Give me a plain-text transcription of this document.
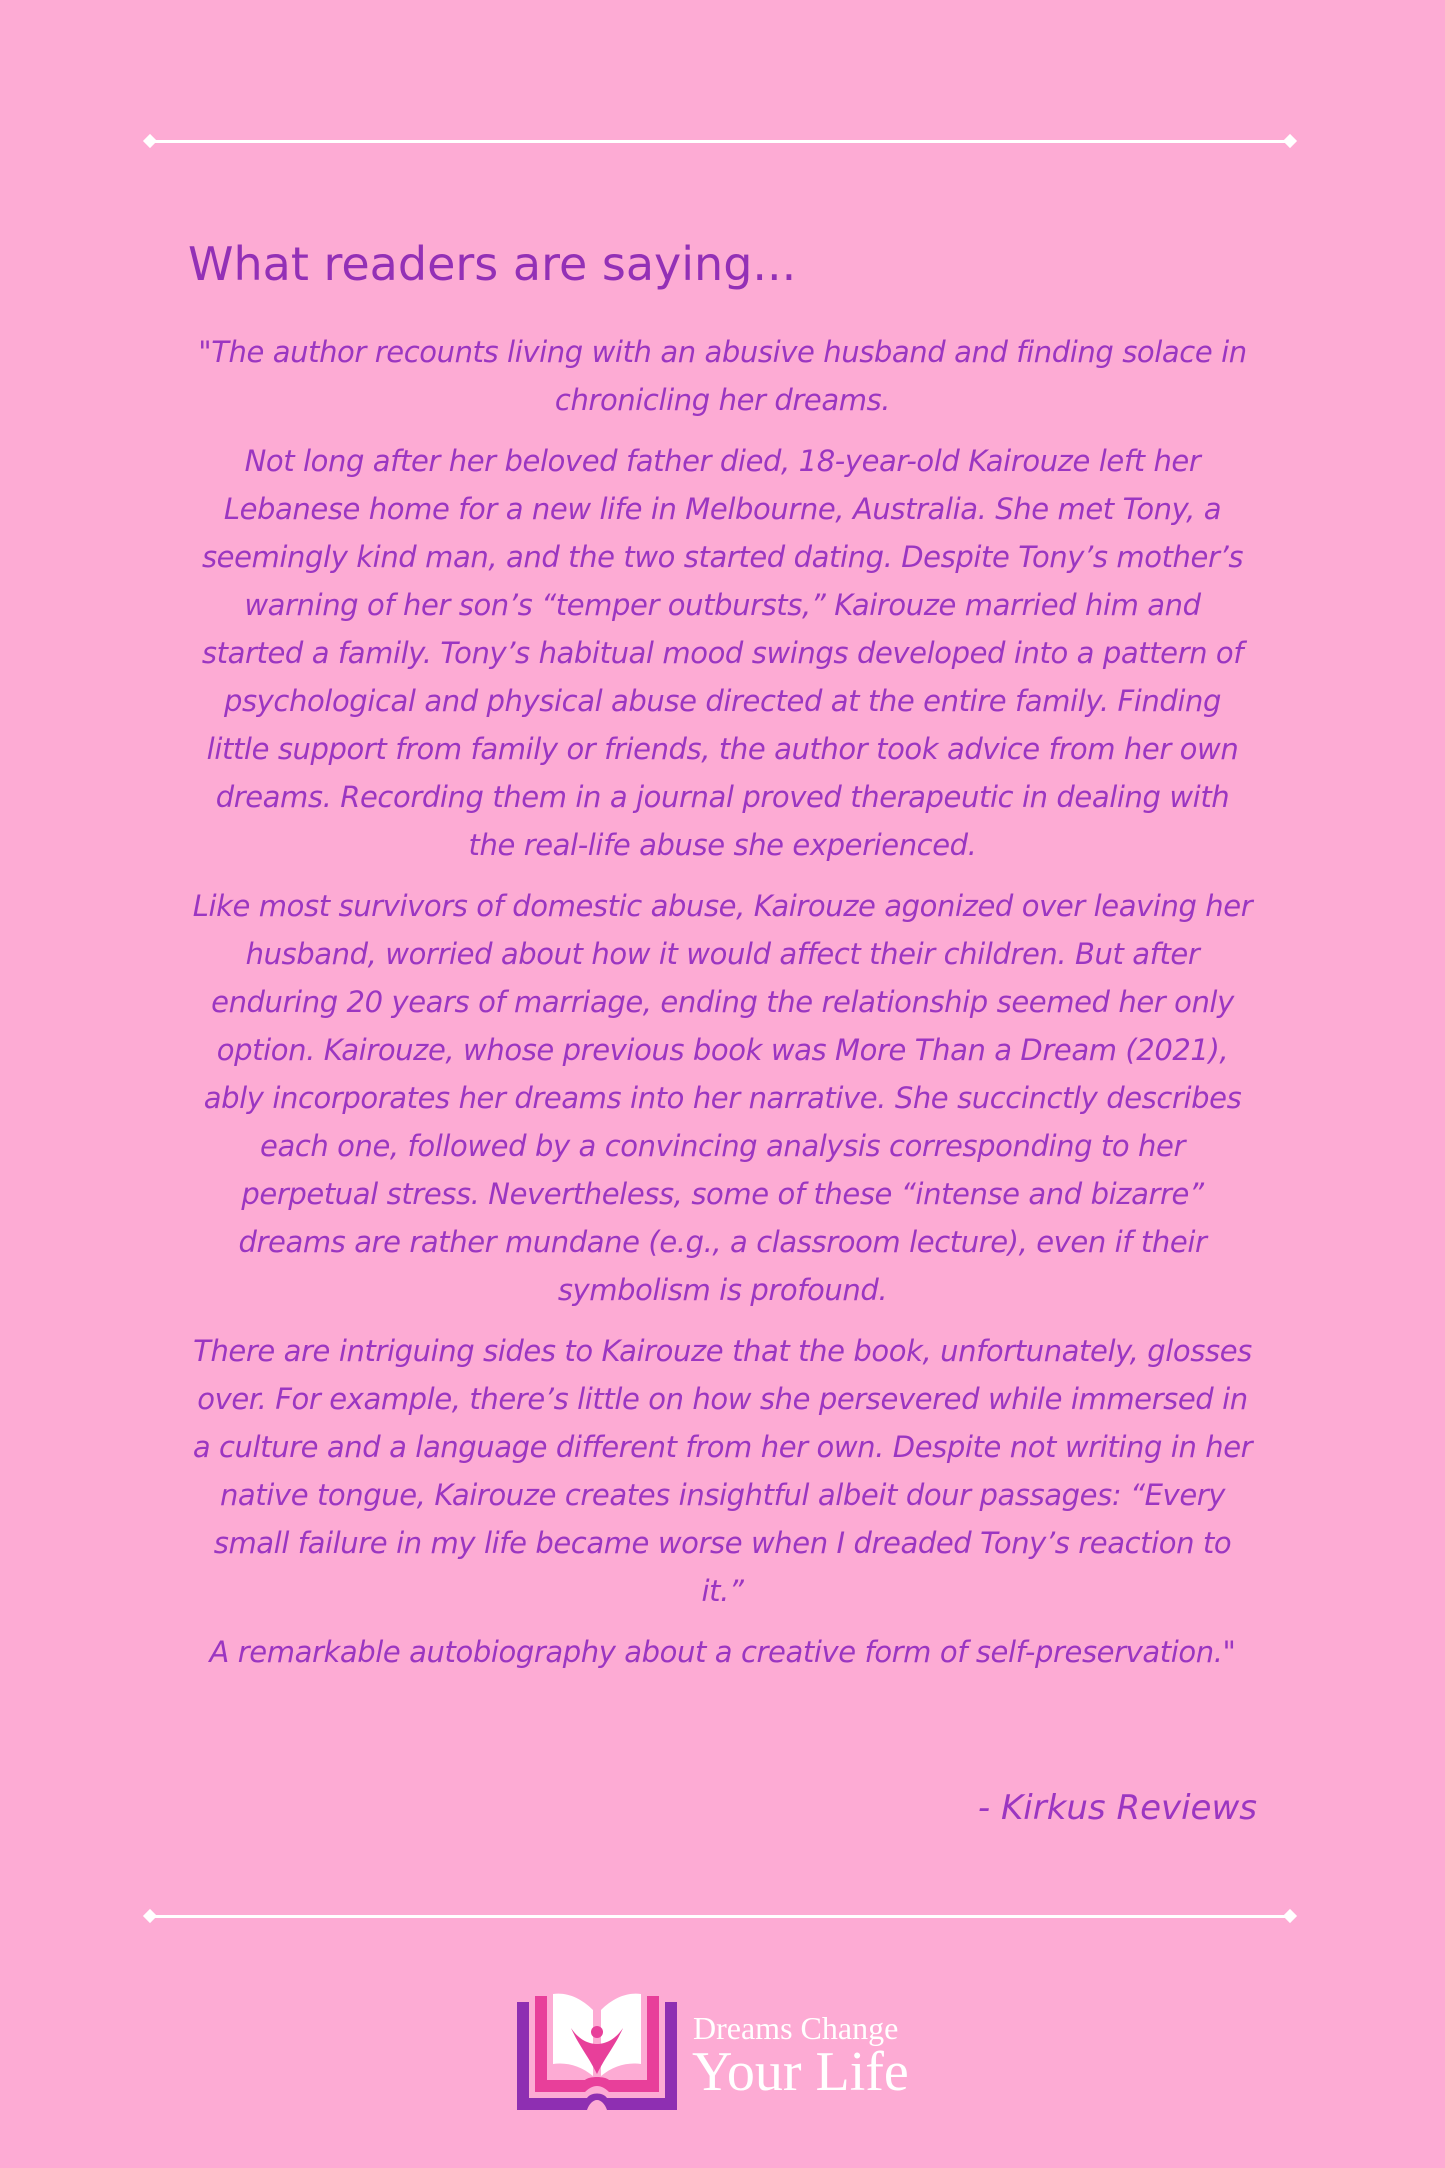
What readers are saying...

"The author recounts living with an abusive husband and finding solace in chronicling her dreams.

Not long after her beloved father died, 18-year-old Kairouze left her Lebanese home for a new life in Melbourne, Australia. She met Tony, a seemingly kind man, and the two started dating. Despite Tony’s mother’s warning of her son’s “temper outbursts,” Kairouze married him and started a family. Tony’s habitual mood swings developed into a pattern of psychological and physical abuse directed at the entire family. Finding little support from family or friends, the author took advice from her own dreams. Recording them in a journal proved therapeutic in dealing with the real-life abuse she experienced.

Like most survivors of domestic abuse, Kairouze agonized over leaving her husband, worried about how it would affect their children. But after enduring 20 years of marriage, ending the relationship seemed her only option. Kairouze, whose previous book was More Than a Dream (2021), ably incorporates her dreams into her narrative. She succinctly describes each one, followed by a convincing analysis corresponding to her perpetual stress. Nevertheless, some of these “intense and bizarre” dreams are rather mundane (e.g., a classroom lecture), even if their symbolism is profound.

There are intriguing sides to Kairouze that the book, unfortunately, glosses over. For example, there’s little on how she persevered while immersed in a culture and a language different from her own. Despite not writing in her native tongue, Kairouze creates insightful albeit dour passages: “Every small failure in my life became worse when I dreaded Tony’s reaction to it.”

A remarkable autobiography about a creative form of self-preservation."

- Kirkus Reviews
Dreams Change
Your Life
